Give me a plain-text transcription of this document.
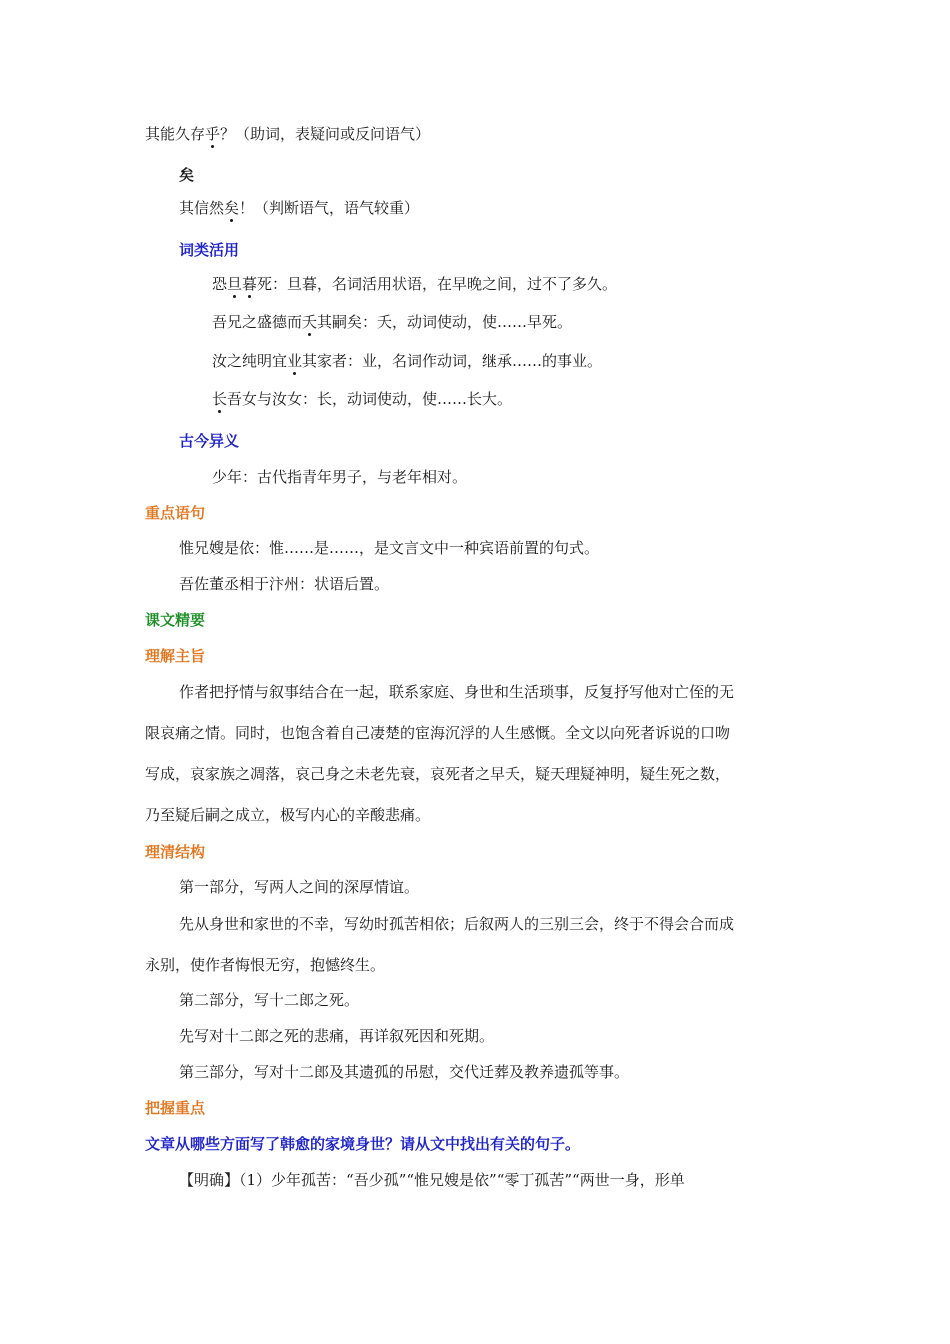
其能久存乎？（助词，表疑问或反问语气）
矣
其信然矣！（判断语气，语气较重）
词类活用
恐旦暮死：旦暮，名词活用状语，在早晚之间，过不了多久。
吾兄之盛德而夭其嗣矣：夭，动词使动，使……早死。
汝之纯明宜业其家者：业，名词作动词，继承……的事业。
长吾女与汝女：长，动词使动，使……长大。
古今异义
少年：古代指青年男子，与老年相对。
重点语句
惟兄嫂是依：惟……是……，是文言文中一种宾语前置的句式。
吾佐董丞相于汴州：状语后置。
课文精要
理解主旨
作者把抒情与叙事结合在一起，联系家庭、身世和生活琐事，反复抒写他对亡侄的无
限哀痛之情。同时，也饱含着自己凄楚的宦海沉浮的人生感慨。全文以向死者诉说的口吻
写成，哀家族之凋落，哀己身之未老先衰，哀死者之早夭，疑天理疑神明，疑生死之数，
乃至疑后嗣之成立，极写内心的辛酸悲痛。
理清结构
第一部分，写两人之间的深厚情谊。
先从身世和家世的不幸，写幼时孤苦相依；后叙两人的三别三会，终于不得会合而成
永别，使作者悔恨无穷，抱憾终生。
第二部分，写十二郎之死。
先写对十二郎之死的悲痛，再详叙死因和死期。
第三部分，写对十二郎及其遗孤的吊慰，交代迁葬及教养遗孤等事。
把握重点
文章从哪些方面写了韩愈的家境身世？请从文中找出有关的句子。
【明确】（1）少年孤苦：“吾少孤”“惟兄嫂是依”“零丁孤苦”“两世一身，形单
